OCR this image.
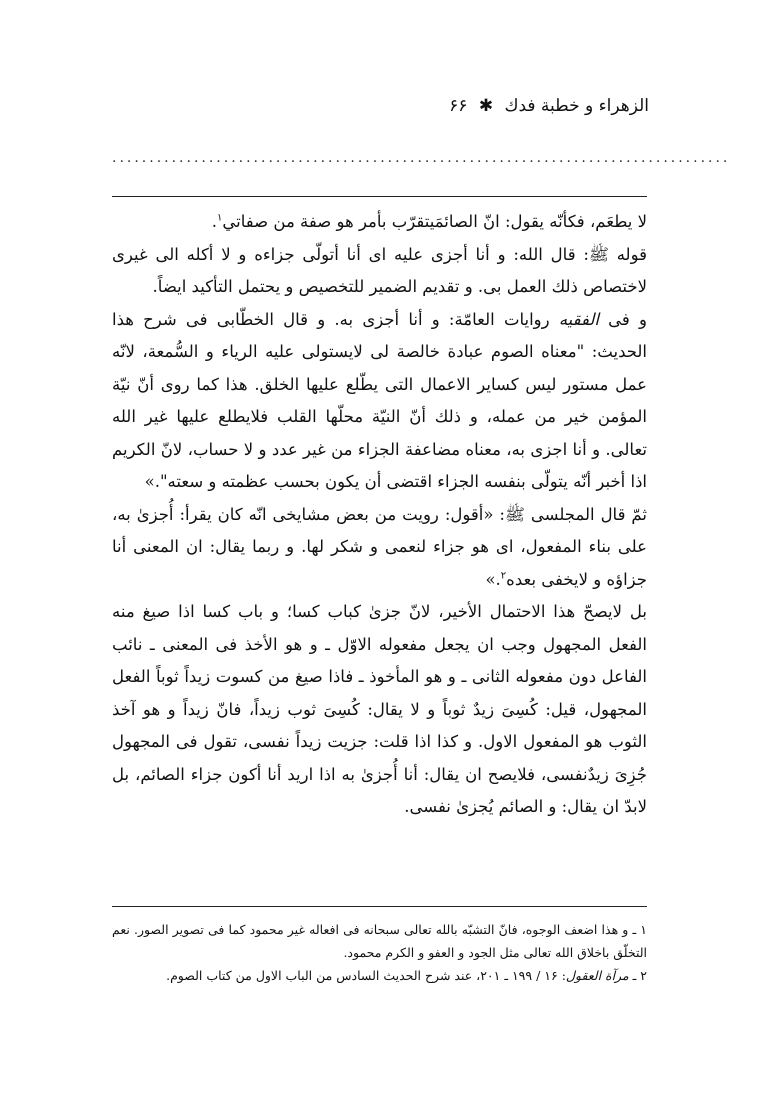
الزهراء و خطبة فدك ✱ ۶۶
...................................................................................

لا يطعَم، فكأنّه يقول: انّ الصائمَيتقرّب بأمر هو صفة من صفاتي$^۱$.

قوله ﷺ: قال الله: و أنا أجزى عليه اى أنا أتولّى جزاءه و لا أكله الى غيرى لاختصاص ذلك العمل بى. و تقديم الضمير للتخصيص و يحتمل التأكيد ايضاً.

و فى الفقيه روايات العامّة: و أنا أجزى به. و قال الخطّابى فى شرح هذا الحديث: "معناه الصوم عبادة خالصة لى لايستولى عليه الرياء و السُّمعة، لانّه عمل مستور ليس كساير الاعمال التى يطّلع عليها الخلق. هذا كما روى أنّ نيّة المؤمن خير من عمله، و ذلك أنّ النيّة محلّها القلب فلايطلع عليها غير الله تعالى. و أنا اجزى به، معناه مضاعفة الجزاء من غير عدد و لا حساب، لانّ الكريم اذا أخبر أنّه يتولّى بنفسه الجزاء اقتضى أن يكون بحسب عظمته و سعته".»

ثمّ قال المجلسى ﷺ: «أقول: رويت من بعض مشايخى انّه كان يقرأ: أُجزىٰ به، على بناء المفعول، اى هو جزاء لنعمى و شكر لها. و ربما يقال: ان المعنى أنا جزاؤه و لايخفى بعده$^۲$.»

بل لايصحّ هذا الاحتمال الأخير، لانّ جزىٰ كباب كسا؛ و باب كسا اذا صيغ منه الفعل المجهول وجب ان يجعل مفعوله الاوّل ـ و هو الأخذ فى المعنى ـ نائب الفاعل دون مفعوله الثانى ـ و هو المأخوذ ـ فاذا صيغ من كسوت زيداً ثوباً الفعل المجهول، قيل: كُسِىَ زيدٌ ثوباً و لا يقال: كُسِىَ ثوب زيداً، فانّ زيداً و هو آخذ الثوب هو المفعول الاول. و كذا اذا قلت: جزيت زيداً نفسى، تقول فى المجهول جُزِىَ زيدٌنفسى، فلايصح ان يقال: أنا أُجزىٰ به اذا اريد أنا أكون جزاء الصائم، بل لابدّ ان يقال: و الصائم يُجزىٰ نفسى.

۱ ـ و هذا اضعف الوجوه، فانّ التشبّه بالله تعالى سبحانه فى افعاله غير محمود كما فى تصوير الصور. نعم التخلّق باخلاق الله تعالى مثل الجود و العفو و الكرم محمود.

۲ ـ مرآة العقول: ۱۶ / ۱۹۹ ـ ۲۰۱، عند شرح الحديث السادس من الباب الاول من كتاب الصوم.
